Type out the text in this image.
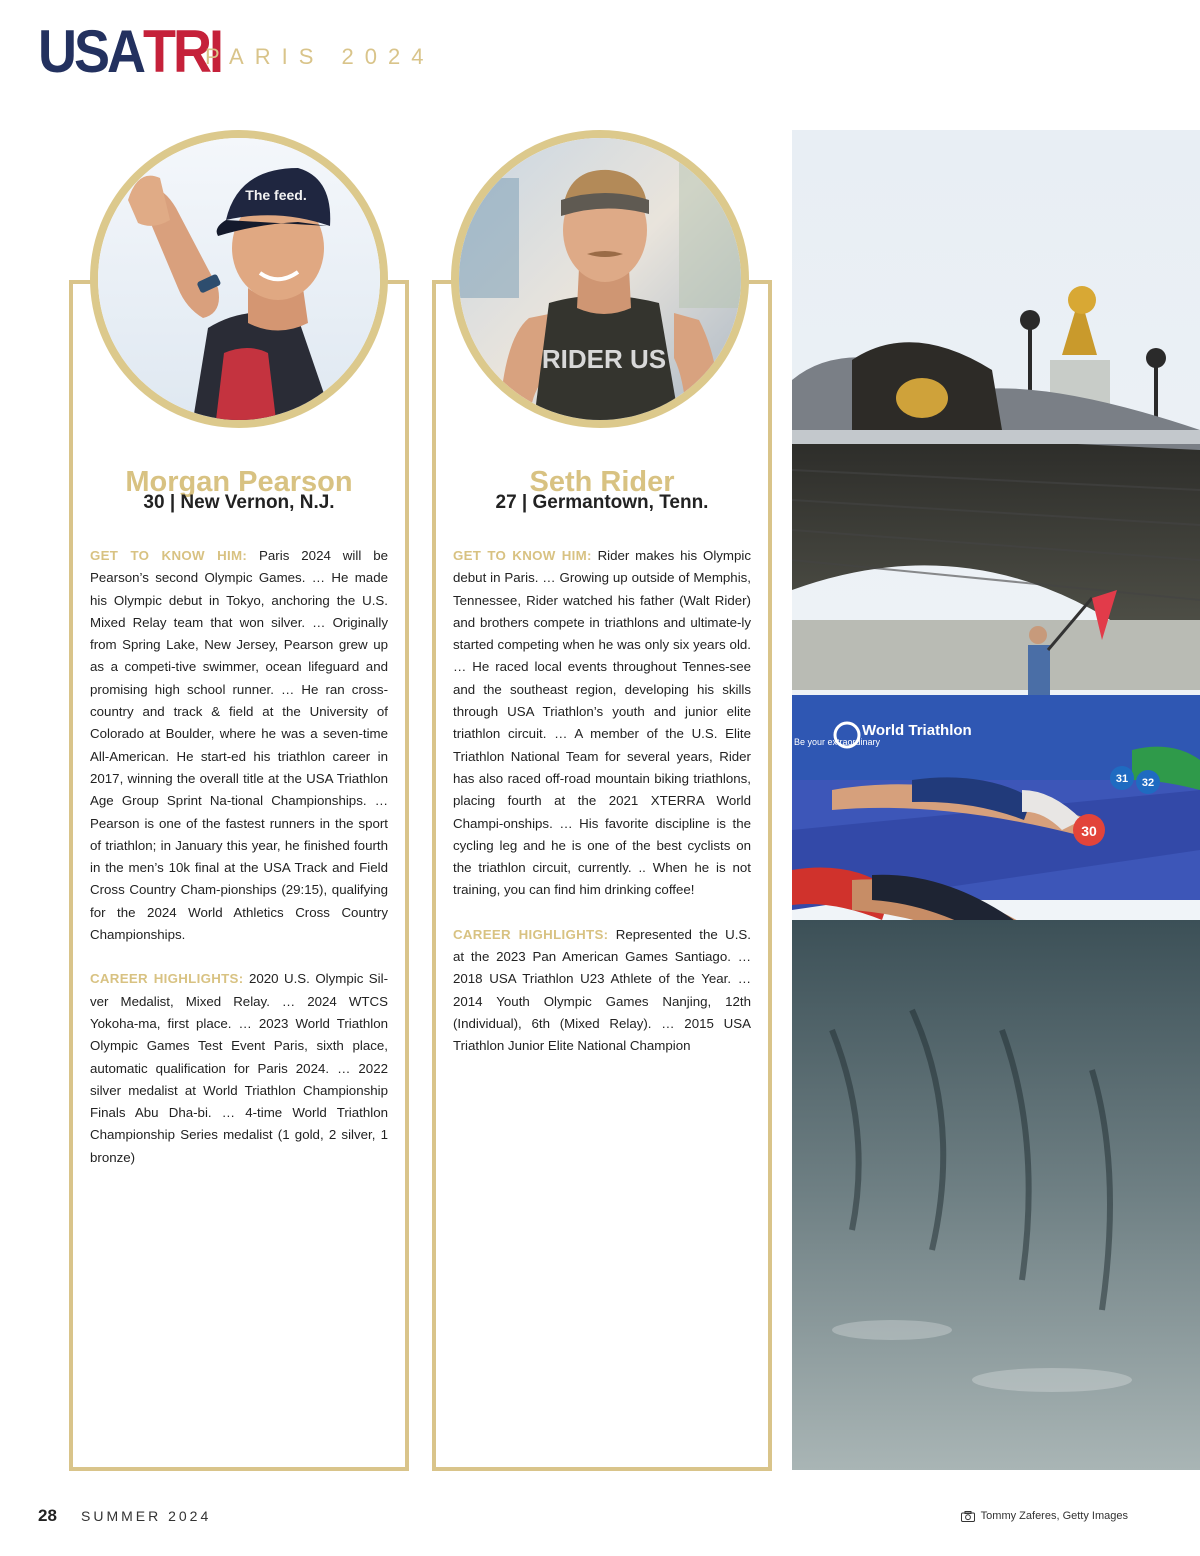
USA TRI
PARIS 2024
Morgan Pearson
30 | New Vernon, N.J.

GET TO KNOW HIM: Paris 2024 will be Pearson’s second Olympic Games. … He made his Olympic debut in Tokyo, anchoring the U.S. Mixed Relay team that won silver. … Originally from Spring Lake, New Jersey, Pearson grew up as a competi-tive swimmer, ocean lifeguard and promising high school runner. … He ran cross-country and track & field at the University of Colorado at Boulder, where he was a seven-time All-American. He start-ed his triathlon career in 2017, winning the overall title at the USA Triathlon Age Group Sprint Na-tional Championships. … Pearson is one of the fastest runners in the sport of triathlon; in January this year, he finished fourth in the men’s 10k final at the USA Track and Field Cross Country Cham-pionships (29:15), qualifying for the 2024 World Athletics Cross Country Championships.

CAREER HIGHLIGHTS: 2020 U.S. Olympic Sil-ver Medalist, Mixed Relay. … 2024 WTCS Yokoha-ma, first place. … 2023 World Triathlon Olympic Games Test Event Paris, sixth place, automatic qualification for Paris 2024. … 2022 silver medalist at World Triathlon Championship Finals Abu Dha-bi. … 4-time World Triathlon Championship Series medalist (1 gold, 2 silver, 1 bronze)

Seth Rider
27 | Germantown, Tenn.

GET TO KNOW HIM: Rider makes his Olympic debut in Paris. … Growing up outside of Memphis, Tennessee, Rider watched his father (Walt Rider) and brothers compete in triathlons and ultimate-ly started competing when he was only six years old. … He raced local events throughout Tennes-see and the southeast region, developing his skills through USA Triathlon’s youth and junior elite triathlon circuit. … A member of the U.S. Elite Triathlon National Team for several years, Rider has also raced off-road mountain biking triathlons, placing fourth at the 2021 XTERRA World Champi-onships. … His favorite discipline is the cycling leg and he is one of the best cyclists on the triathlon circuit, currently. .. When he is not training, you can find him drinking coffee!

CAREER HIGHLIGHTS: Represented the U.S. at the 2023 Pan American Games Santiago. … 2018 USA Triathlon U23 Athlete of the Year. … 2014 Youth Olympic Games Nanjing, 12th (Individual), 6th (Mixed Relay). … 2015 USA Triathlon Junior Elite National Champion

The feed.
RIDER US
World Triathlon
Be your extraordinary
30
31 32
28 SUMMER 2024	Tommy Zaferes, Getty Images
